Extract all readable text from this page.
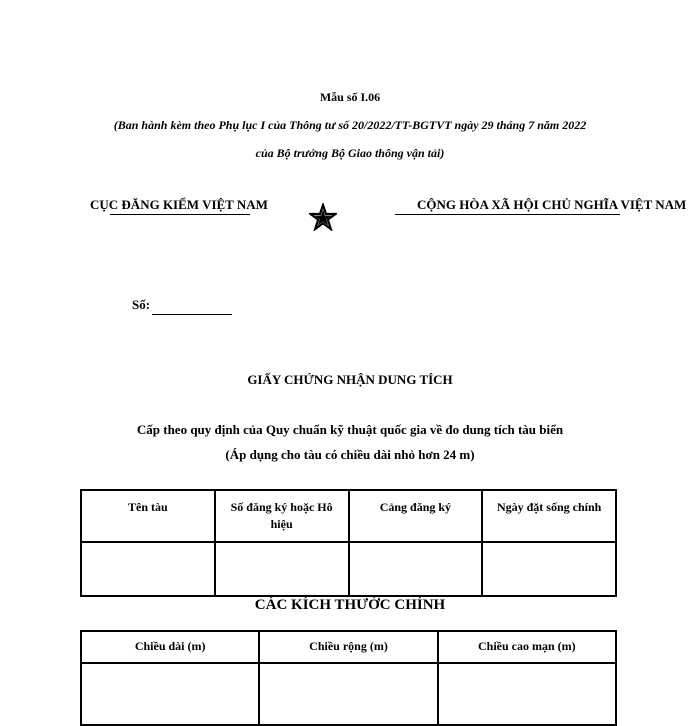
Mẫu số I.06
(Ban hành kèm theo Phụ lục I của Thông tư số 20/2022/TT-BGTVT ngày 29 tháng 7 năm 2022
của Bộ trưởng Bộ Giao thông vận tải)
CỤC ĐĂNG KIỂM VIỆT NAM	CỘNG HÒA XÃ HỘI CHỦ NGHĨA VIỆT NAM
Số:
GIẤY CHỨNG NHẬN DUNG TÍCH
Cấp theo quy định của Quy chuẩn kỹ thuật quốc gia về đo dung tích tàu biển
(Áp dụng cho tàu có chiều dài nhỏ hơn 24 m)
Tên tàu	Số đăng ký hoặc Hô hiệu	Cảng đăng ký	Ngày đặt sống chính

CÁC KÍCH THƯỚC CHÍNH
Chiều dài (m)	Chiều rộng (m)	Chiều cao mạn (m)
